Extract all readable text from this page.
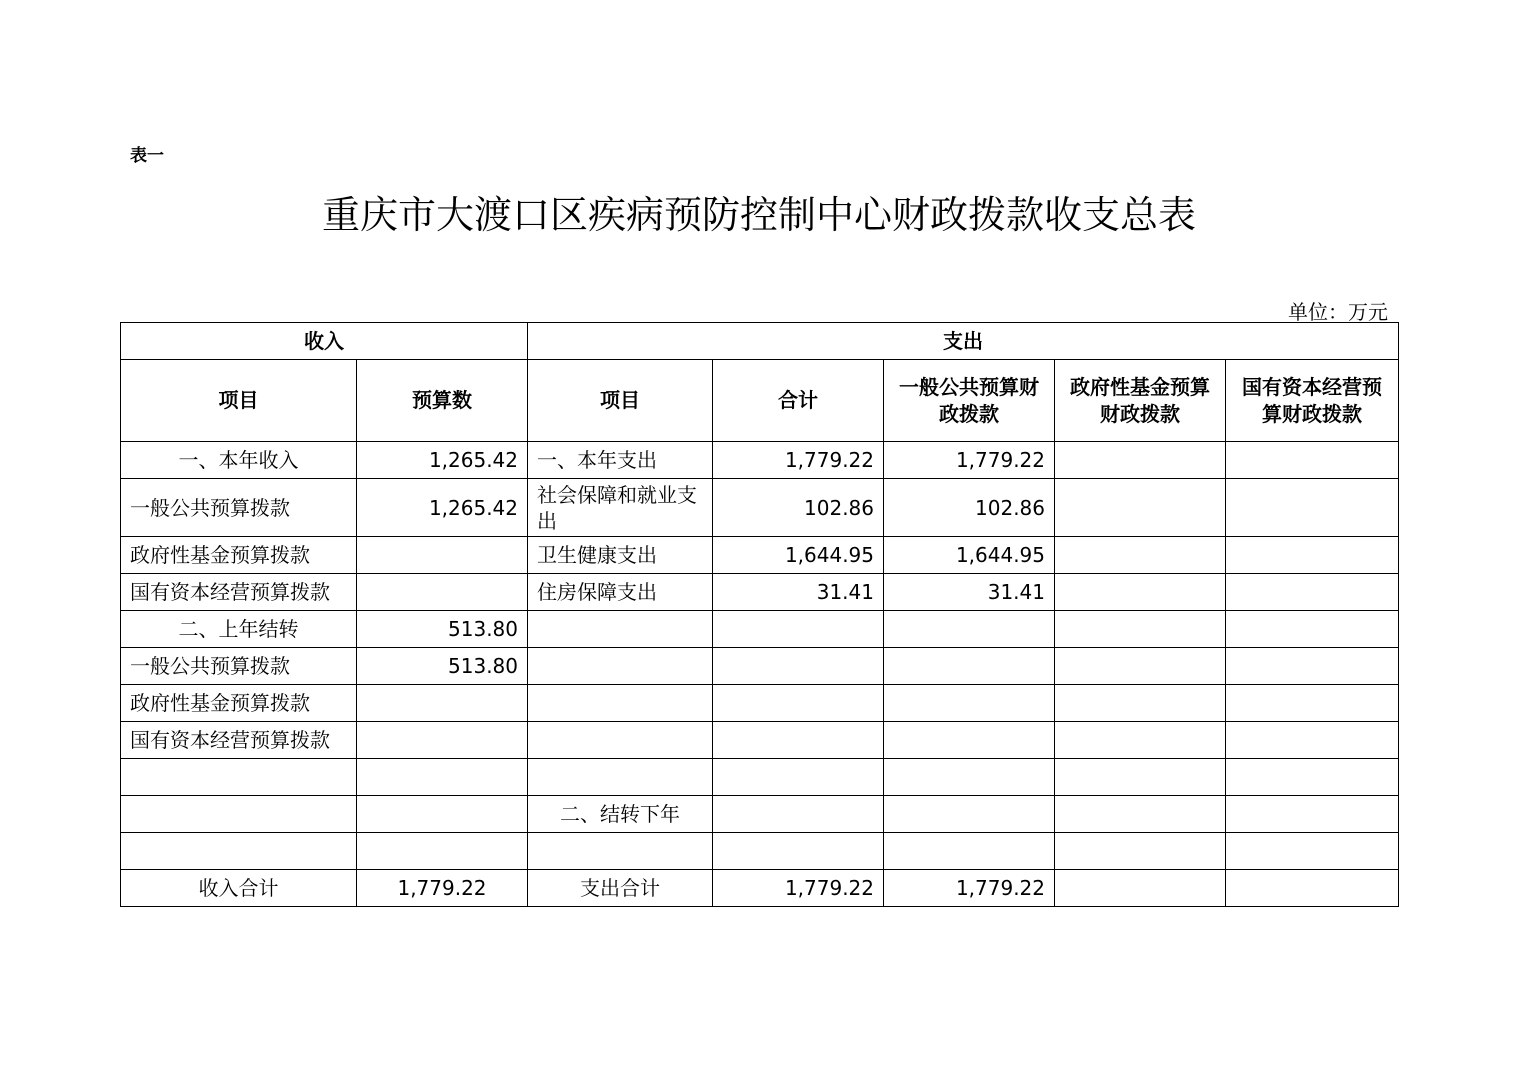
表一
重庆市大渡口区疾病预防控制中心财政拨款收支总表
单位：万元
收入		支出				
项目	预算数	项目	合计	一般公共预算财政拨款	政府性基金预算财政拨款	国有资本经营预算财政拨款
一、本年收入	1,265.42	一、本年支出	1,779.22	1,779.22		
一般公共预算拨款	1,265.42	社会保障和就业支出	102.86	102.86		
政府性基金预算拨款		卫生健康支出	1,644.95	1,644.95		
国有资本经营预算拨款		住房保障支出	31.41	31.41		
二、上年结转	513.80					
一般公共预算拨款	513.80					
政府性基金预算拨款						
国有资本经营预算拨款						

		二、结转下年				

收入合计	1,779.22	支出合计	1,779.22	1,779.22		
